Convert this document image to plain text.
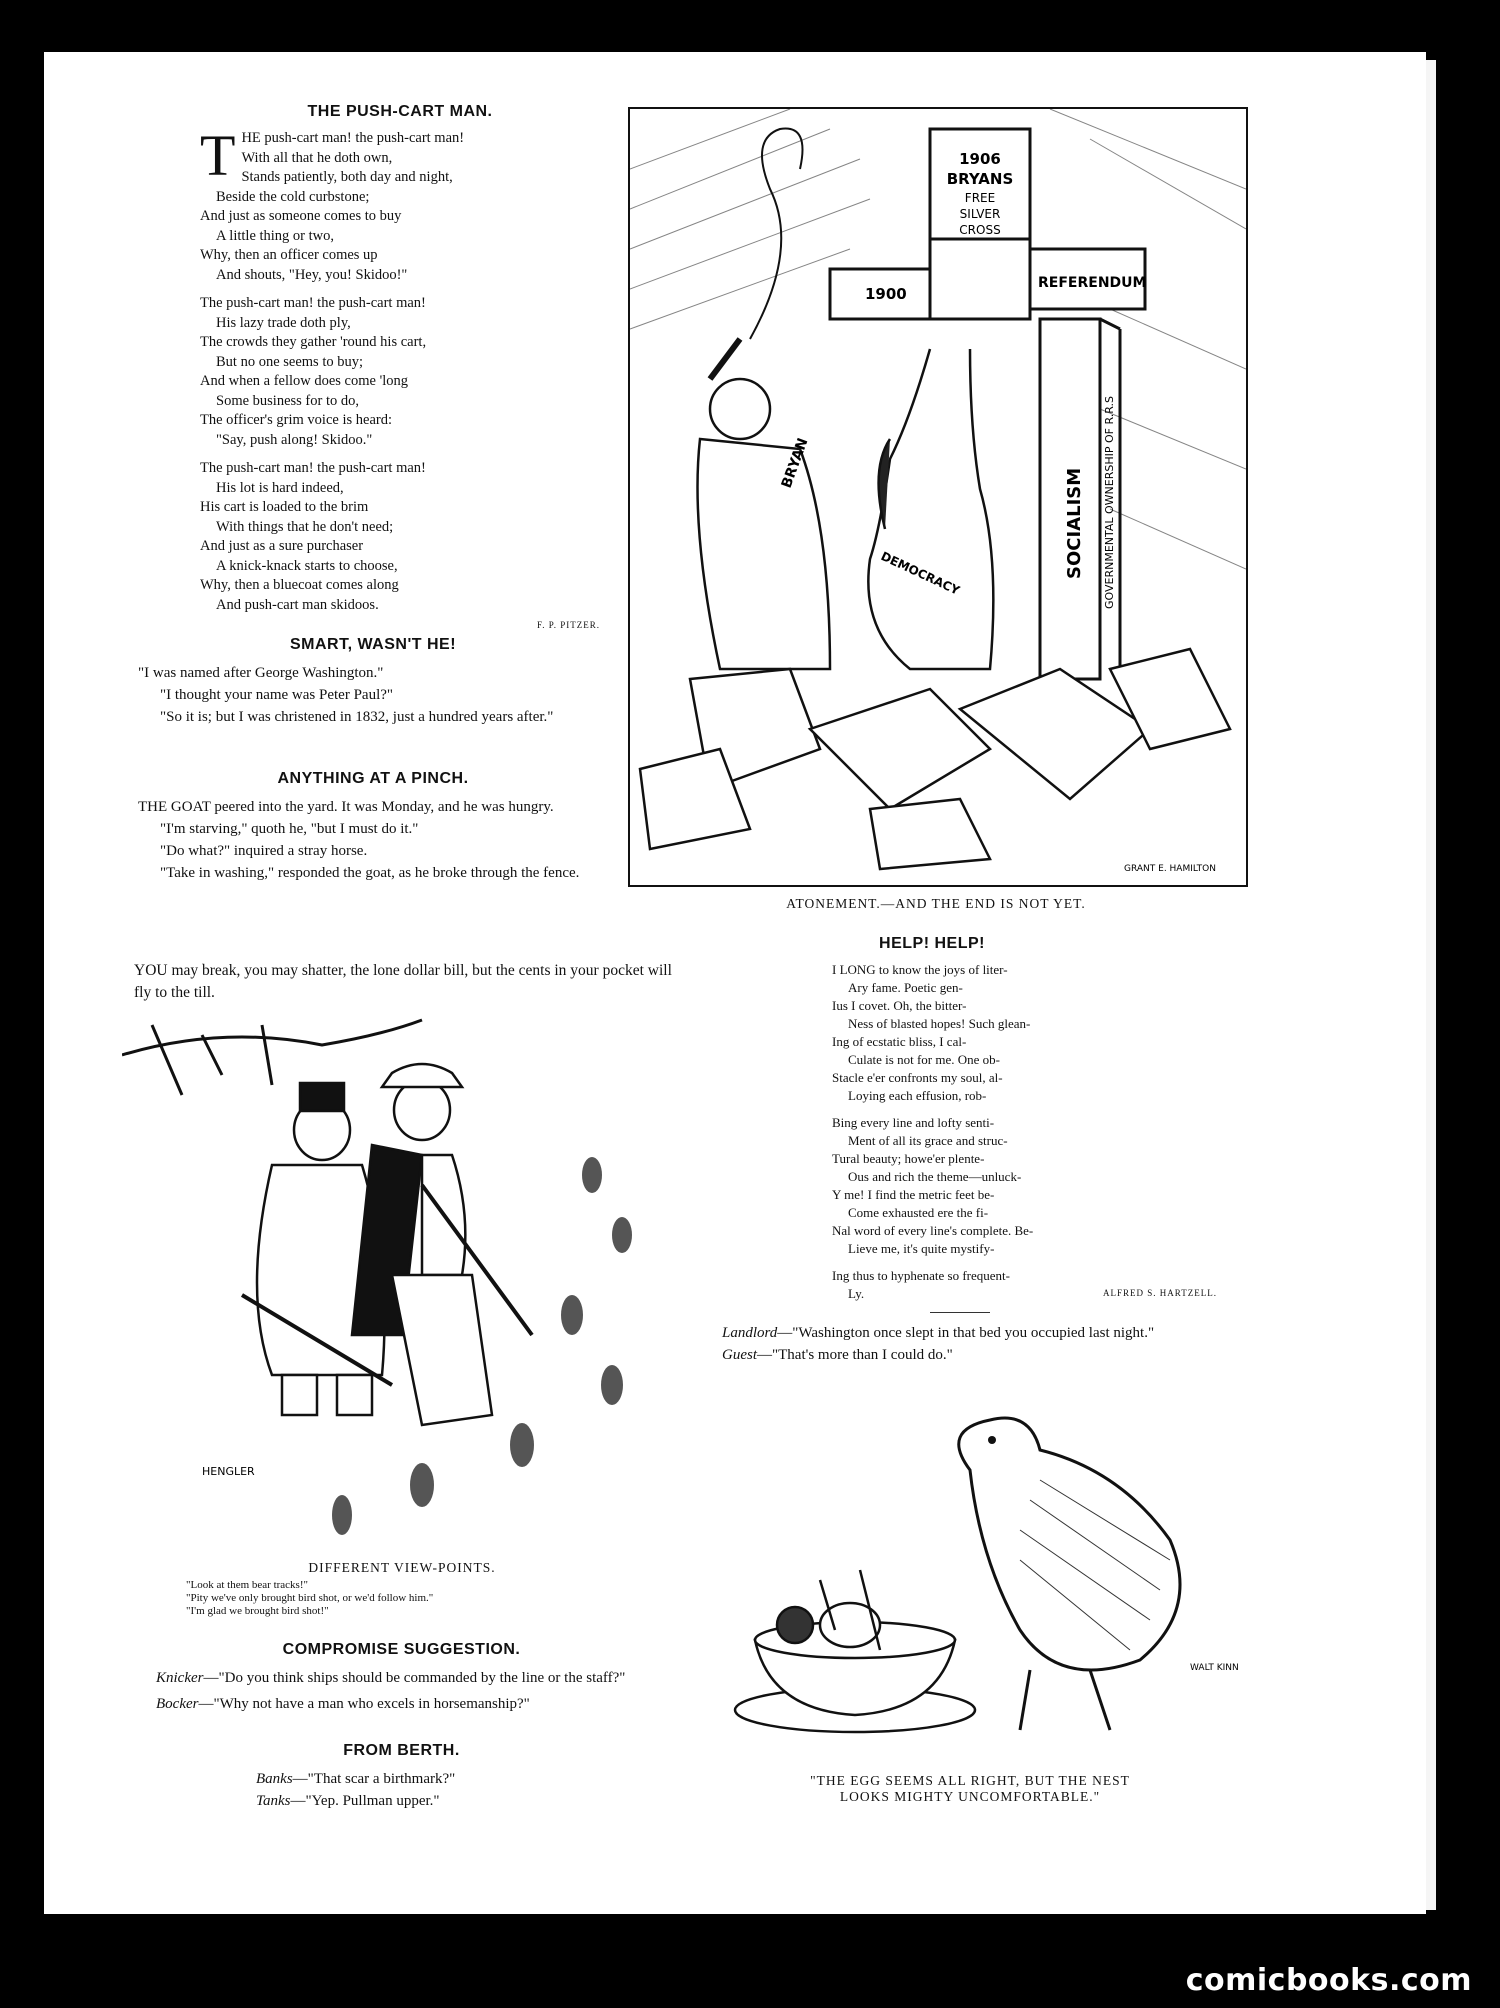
THE PUSH-CART MAN.
T HE push-cart man! the push-cart man!

With all that he doth own,

Stands patiently, both day and night,

Beside the cold curbstone;

And just as someone comes to buy

A little thing or two,

Why, then an officer comes up

And shouts, "Hey, you! Skidoo!"

The push-cart man! the push-cart man!

His lazy trade doth ply,

The crowds they gather 'round his cart,

But no one seems to buy;

And when a fellow does come 'long

Some business for to do,

The officer's grim voice is heard:

"Say, push along! Skidoo."

The push-cart man! the push-cart man!

His lot is hard indeed,

His cart is loaded to the brim

With things that he don't need;

And just as a sure purchaser

A knick-knack starts to choose,

Why, then a bluecoat comes along

And push-cart man skidoos.

F. P. PITZER.
SMART, WASN'T HE!

"I was named after George Washington."

"I thought your name was Peter Paul?"

"So it is; but I was christened in 1832, just a hundred years after."

ANYTHING AT A PINCH.

THE GOAT peered into the yard. It was Monday, and he was hungry.

"I'm starving," quoth he, "but I must do it."

"Do what?" inquired a stray horse.

"Take in washing," responded the goat, as he broke through the fence.

1906
BRYANS
FREE
SILVER
CROSS
1900
REFERENDUM
SOCIALISM GOVERNMENTAL OWNERSHIP OF R.R.S
BRYAN
DEMOCRACY
GRANT E. HAMILTON
ATONEMENT.—AND THE END IS NOT YET.

YOU may break, you may shatter, the lone dollar bill, but the cents in your pocket will fly to the till.

HENGLER
DIFFERENT VIEW-POINTS.
"Look at them bear tracks!"
"Pity we've only brought bird shot, or we'd follow him."
"I'm glad we brought bird shot!"
COMPROMISE SUGGESTION.

Knicker—"Do you think ships should be commanded by the line or the staff?"

Bocker—"Why not have a man who excels in horsemanship?"

FROM BERTH.

Banks—"That scar a birthmark?"

Tanks—"Yep. Pullman upper."

HELP! HELP!

I LONG to know the joys of liter-

Ary fame. Poetic gen-

Ius I covet. Oh, the bitter-

Ness of blasted hopes! Such glean-

Ing of ecstatic bliss, I cal-

Culate is not for me. One ob-

Stacle e'er confronts my soul, al-

Loying each effusion, rob-

Bing every line and lofty senti-

Ment of all its grace and struc-

Tural beauty; howe'er plente-

Ous and rich the theme—unluck-

Y me! I find the metric feet be-

Come exhausted ere the fi-

Nal word of every line's complete. Be-

Lieve me, it's quite mystify-

Ing thus to hyphenate so frequent-

Ly.	ALFRED S. HARTZELL.

Landlord—"Washington once slept in that bed you occupied last night."

Guest—"That's more than I could do."

WALT KINN
"THE EGG SEEMS ALL RIGHT, BUT THE NEST
LOOKS MIGHTY UNCOMFORTABLE."
comicbooks.com
